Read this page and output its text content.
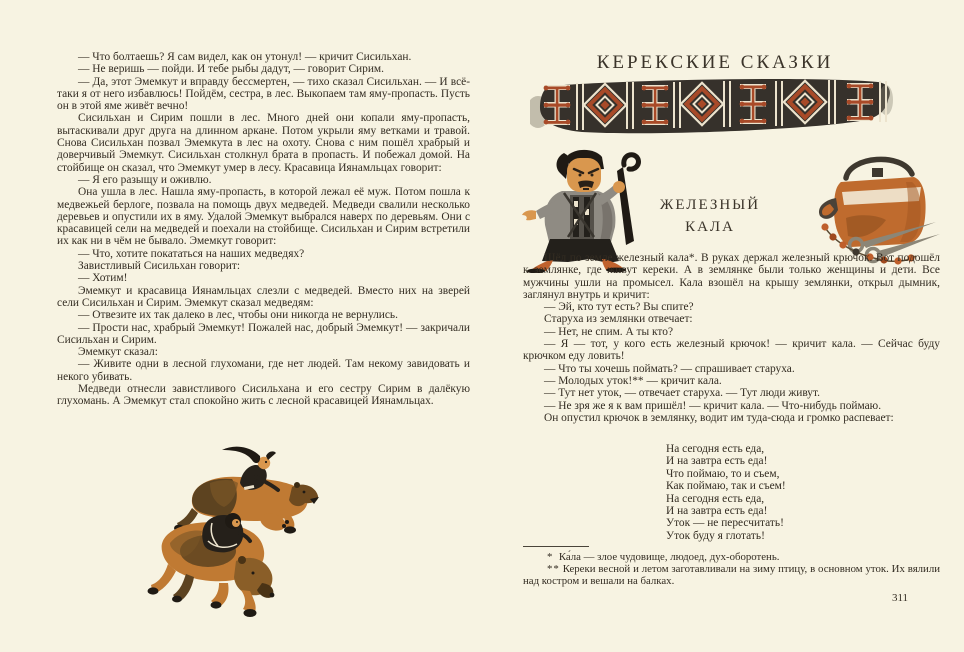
— Что болтаешь? Я сам видел, как он утонул! — кричит Сисильхан.

— Не веришь — пойди. И тебе рыбы дадут, — говорит Сирим.

— Да, этот Эмемкут и вправду бессмертен, — тихо сказал Сисильхан. — И всё-таки я от него избавлюсь! Пойдём, сестра, в лес. Выкопаем там яму-пропасть. Пусть он в этой яме живёт вечно!

Сисильхан и Сирим пошли в лес. Много дней они копали яму-пропасть, вытаскивали друг друга на длинном аркане. Потом укрыли яму ветками и травой. Снова Сисильхан позвал Эмемкута в лес на охоту. Снова с ним пошёл храбрый и доверчивый Эмемкут. Сисильхан столкнул брата в пропасть. И побежал домой. На стойбище он сказал, что Эмемкут умер в лесу. Красавица Иянамльцах говорит:

— Я его разыщу и оживлю.

Она ушла в лес. Нашла яму-пропасть, в которой лежал её муж. Потом пошла к медвежьей берлоге, позвала на помощь двух медведей. Медведи свалили несколько деревьев и опустили их в яму. Удалой Эмемкут выбрался наверх по деревьям. Они с красавицей сели на медведей и поехали на стойбище. Сисильхан и Сирим встретили их как ни в чём не бывало. Эмемкут говорит:

— Что, хотите покататься на наших медведях?

Завистливый Сисильхан говорит:

— Хотим!

Эмемкут и красавица Иянамльцах слезли с медведей. Вместо них на зверей сели Сисильхан и Сирим. Эмемкут сказал медведям:

— Отвезите их так далеко в лес, чтобы они никогда не вернулись.

— Прости нас, храбрый Эмемкут! Пожалей нас, добрый Эмемкут! — закричали Сисильхан и Сирим.

Эмемкут сказал:

— Живите одни в лесной глухомани, где нет людей. Там некому завидовать и некого убивать.

Медведи отнесли завистливого Сисильхана и его сестру Сирим в далёкую глухомань. А Эмемкут стал спокойно жить с лесной красавицей Иянамльцах.

КЕРЕКСКИЕ СКАЗКИ
ЖЕЛЕЗНЫЙ
КАЛА

Шёл по земле железный кала*. В руках держал железный крючок. Вот подошёл к землянке, где живут кереки. А в землянке были только женщины и дети. Все мужчины ушли на промысел. Кала взошёл на крышу землянки, открыл дымник, заглянул внутрь и кричит:

— Эй, кто тут есть? Вы спите?

Старуха из землянки отвечает:

— Нет, не спим. А ты кто?

— Я — тот, у кого есть железный крючок! — кричит кала. — Сейчас буду крючком еду ловить!

— Что ты хочешь поймать? — спрашивает старуха.

— Молодых уток!** — кричит кала.

— Тут нет уток, — отвечает старуха. — Тут люди живут.

— Не зря же я к вам пришёл! — кричит кала. — Что-нибудь поймаю.

Он опустил крючок в землянку, водит им туда-сюда и громко распевает:

На сегодня есть еда,
И на завтра есть еда!
Что поймаю, то и съем,
Как поймаю, так и съем!
На сегодня есть еда,
И на завтра есть еда!
Уток — не пересчитать!
Уток буду я глотать!

* Ка́ла — злое чудовище, людоед, дух-оборотень.

** Кереки весной и летом заготавливали на зиму птицу, в основном уток. Их вялили над костром и вешали на балках.

311
